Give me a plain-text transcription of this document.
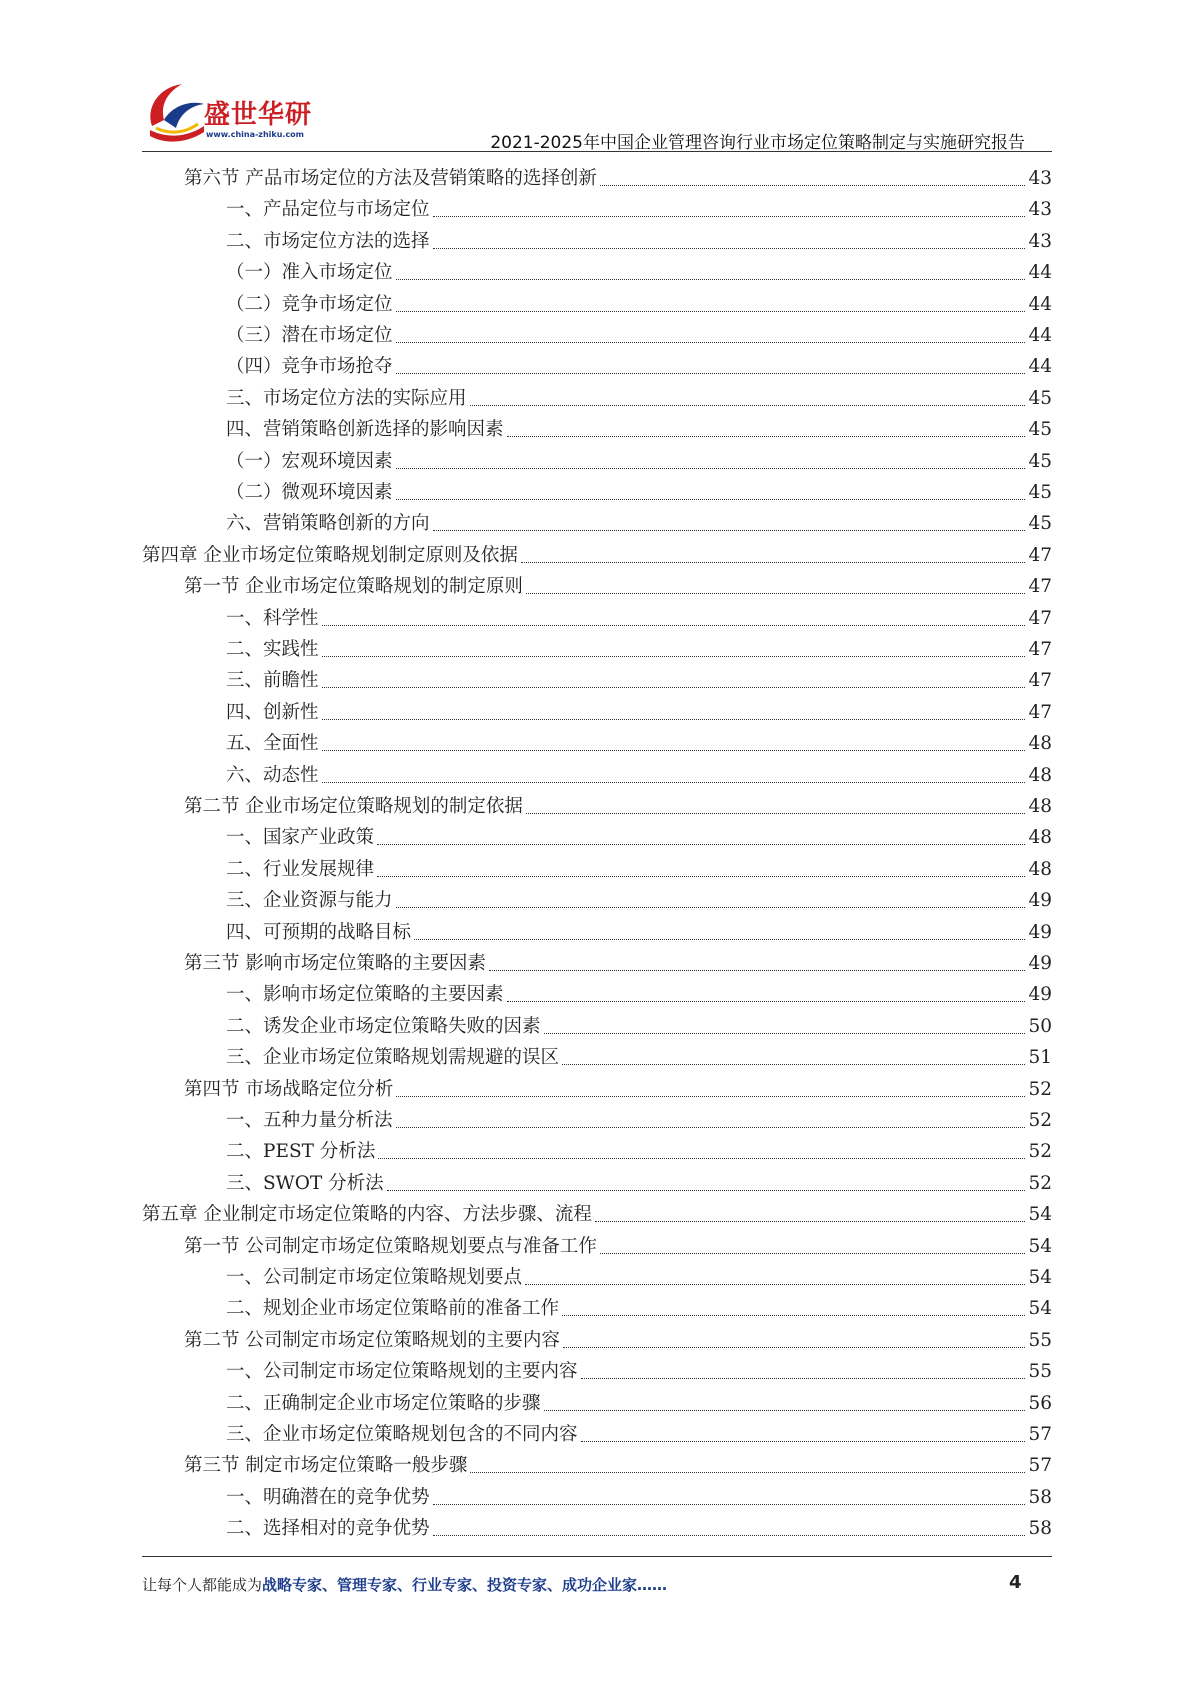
盛世华研
www.china-zhiku.com	2021-2025年中国企业管理咨询行业市场定位策略制定与实施研究报告
第六节 产品市场定位的方法及营销策略的选择创新	43
一、产品定位与市场定位	43
二、市场定位方法的选择	43
（一）准入市场定位	44
（二）竞争市场定位	44
（三）潜在市场定位	44
（四）竞争市场抢夺	44
三、市场定位方法的实际应用	45
四、营销策略创新选择的影响因素	45
（一）宏观环境因素	45
（二）微观环境因素	45
六、营销策略创新的方向	45
第四章 企业市场定位策略规划制定原则及依据	47
第一节 企业市场定位策略规划的制定原则	47
一、科学性	47
二、实践性	47
三、前瞻性	47
四、创新性	47
五、全面性	48
六、动态性	48
第二节 企业市场定位策略规划的制定依据	48
一、国家产业政策	48
二、行业发展规律	48
三、企业资源与能力	49
四、可预期的战略目标	49
第三节 影响市场定位策略的主要因素	49
一、影响市场定位策略的主要因素	49
二、诱发企业市场定位策略失败的因素	50
三、企业市场定位策略规划需规避的误区	51
第四节 市场战略定位分析	52
一、五种力量分析法	52
二、PEST 分析法	52
三、SWOT 分析法	52
第五章 企业制定市场定位策略的内容、方法步骤、流程	54
第一节 公司制定市场定位策略规划要点与准备工作	54
一、公司制定市场定位策略规划要点	54
二、规划企业市场定位策略前的准备工作	54
第二节 公司制定市场定位策略规划的主要内容	55
一、公司制定市场定位策略规划的主要内容	55
二、正确制定企业市场定位策略的步骤	56
三、企业市场定位策略规划包含的不同内容	57
第三节 制定市场定位策略一般步骤	57
一、明确潜在的竞争优势	58
二、选择相对的竞争优势	58
让每个人都能成为战略专家、管理专家、行业专家、投资专家、成功企业家……	4
